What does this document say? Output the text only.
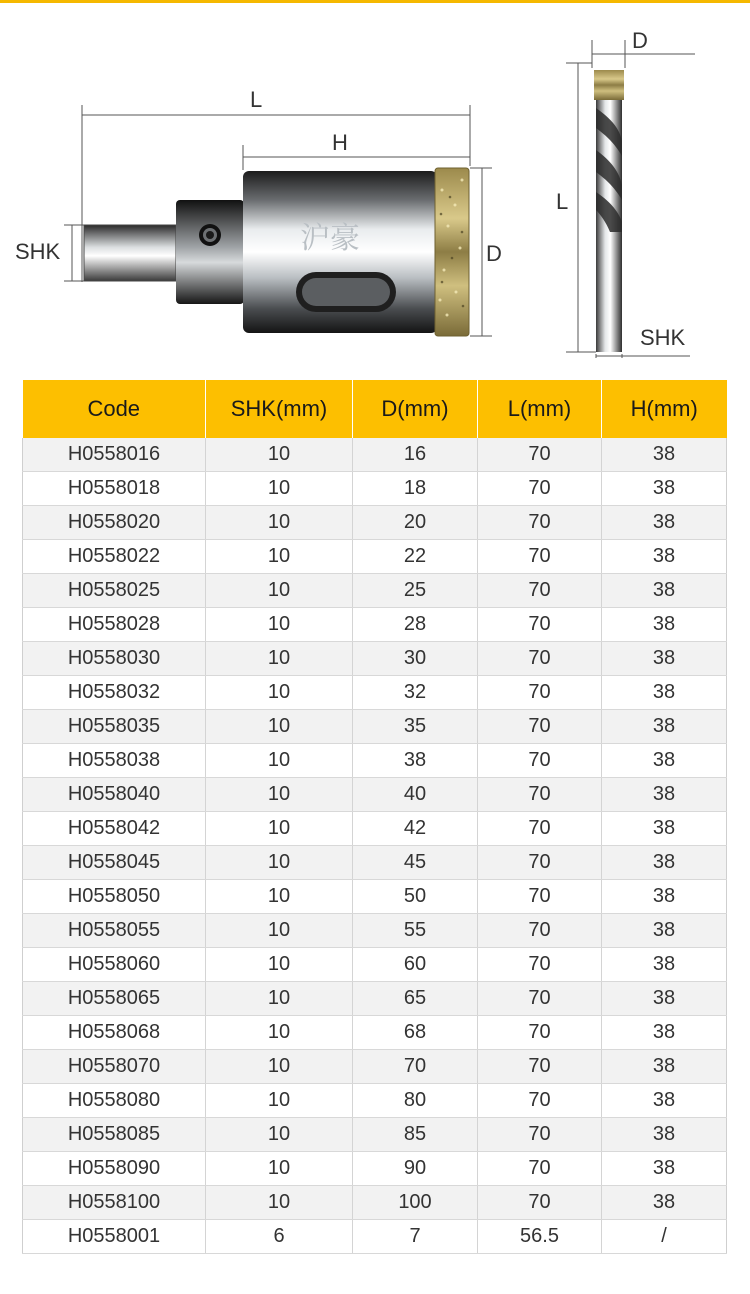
沪豪
L
H
D
SHK
D
L
SHK
Code	SHK(mm)	D(mm)	L(mm)	H(mm)
H0558016	10	16	70	38
H0558018	10	18	70	38
H0558020	10	20	70	38
H0558022	10	22	70	38
H0558025	10	25	70	38
H0558028	10	28	70	38
H0558030	10	30	70	38
H0558032	10	32	70	38
H0558035	10	35	70	38
H0558038	10	38	70	38
H0558040	10	40	70	38
H0558042	10	42	70	38
H0558045	10	45	70	38
H0558050	10	50	70	38
H0558055	10	55	70	38
H0558060	10	60	70	38
H0558065	10	65	70	38
H0558068	10	68	70	38
H0558070	10	70	70	38
H0558080	10	80	70	38
H0558085	10	85	70	38
H0558090	10	90	70	38
H0558100	10	100	70	38
H0558001	6	7	56.5	/
